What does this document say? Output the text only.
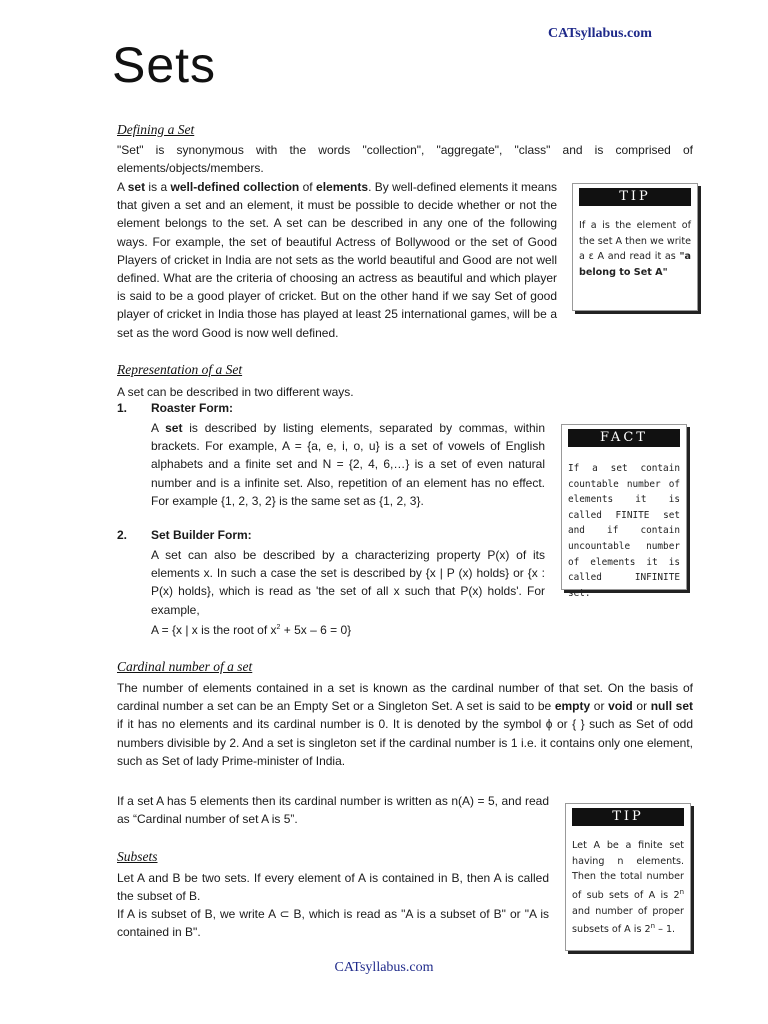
CATsyllabus.com
Sets
Defining a Set
"Set" is synonymous with the words "collection", "aggregate", "class" and is comprised of elements/objects/members.
A set is a well-defined collection of elements. By well-defined elements it means that given a set and an element, it must be possible to decide whether or not the element belongs to the set. A set can be described in any one of the following ways. For example, the set of beautiful Actress of Bollywood or the set of Good Players of cricket in India are not sets as the world beautiful and Good are not well defined. What are the criteria of choosing an actress as beautiful and which player is said to be a good player of cricket. But on the other hand if we say Set of good player of cricket in India those has played at least 25 international games, will be a set as the word Good is now well defined.
TIP
If a is the element of the set A then we write a ε A and read it as "a belong to Set A"
Representation of a Set
A set can be described in two different ways.
1. Roaster Form:
A set is described by listing elements, separated by commas, within brackets. For example, A = {a, e, i, o, u} is a set of vowels of English alphabets and a finite set and N = {2, 4, 6,…} is a set of even natural number and is a infinite set. Also, repetition of an element has no effect. For example {1, 2, 3, 2} is the same set as {1, 2, 3}.
2. Set Builder Form:
A set can also be described by a characterizing property P(x) of its elements x. In such a case the set is described by {x | P (x) holds} or {x : P(x) holds}, which is read as 'the set of all x such that P(x) holds'. For example,
A = {x | x is the root of $x^2 + 5x - 6 = 0$}
FACT
If a set contain countable number of elements it is called FINITE set and if contain uncountable number of elements it is called INFINITE set.
Cardinal number of a set
The number of elements contained in a set is known as the cardinal number of that set. On the basis of cardinal number a set can be an Empty Set or a Singleton Set. A set is said to be empty or void or null set if it has no elements and its cardinal number is 0. It is denoted by the symbol ϕ or { } such as Set of odd numbers divisible by 2. And a set is singleton set if the cardinal number is 1 i.e. it contains only one element, such as Set of lady Prime-minister of India.
If a set A has 5 elements then its cardinal number is written as n(A) = 5, and read as “Cardinal number of set A is 5”.	TIP
Let A be a finite set having n elements. Then the total number of sub sets of A is 2$^n$ and number of proper subsets of A is 2$^n$ – 1.
Subsets
Let A and B be two sets. If every element of A is contained in B, then A is called the subset of B.
If A is subset of B, we write A ⊂ B, which is read as "A is a subset of B" or "A is contained in B".
CATsyllabus.com
